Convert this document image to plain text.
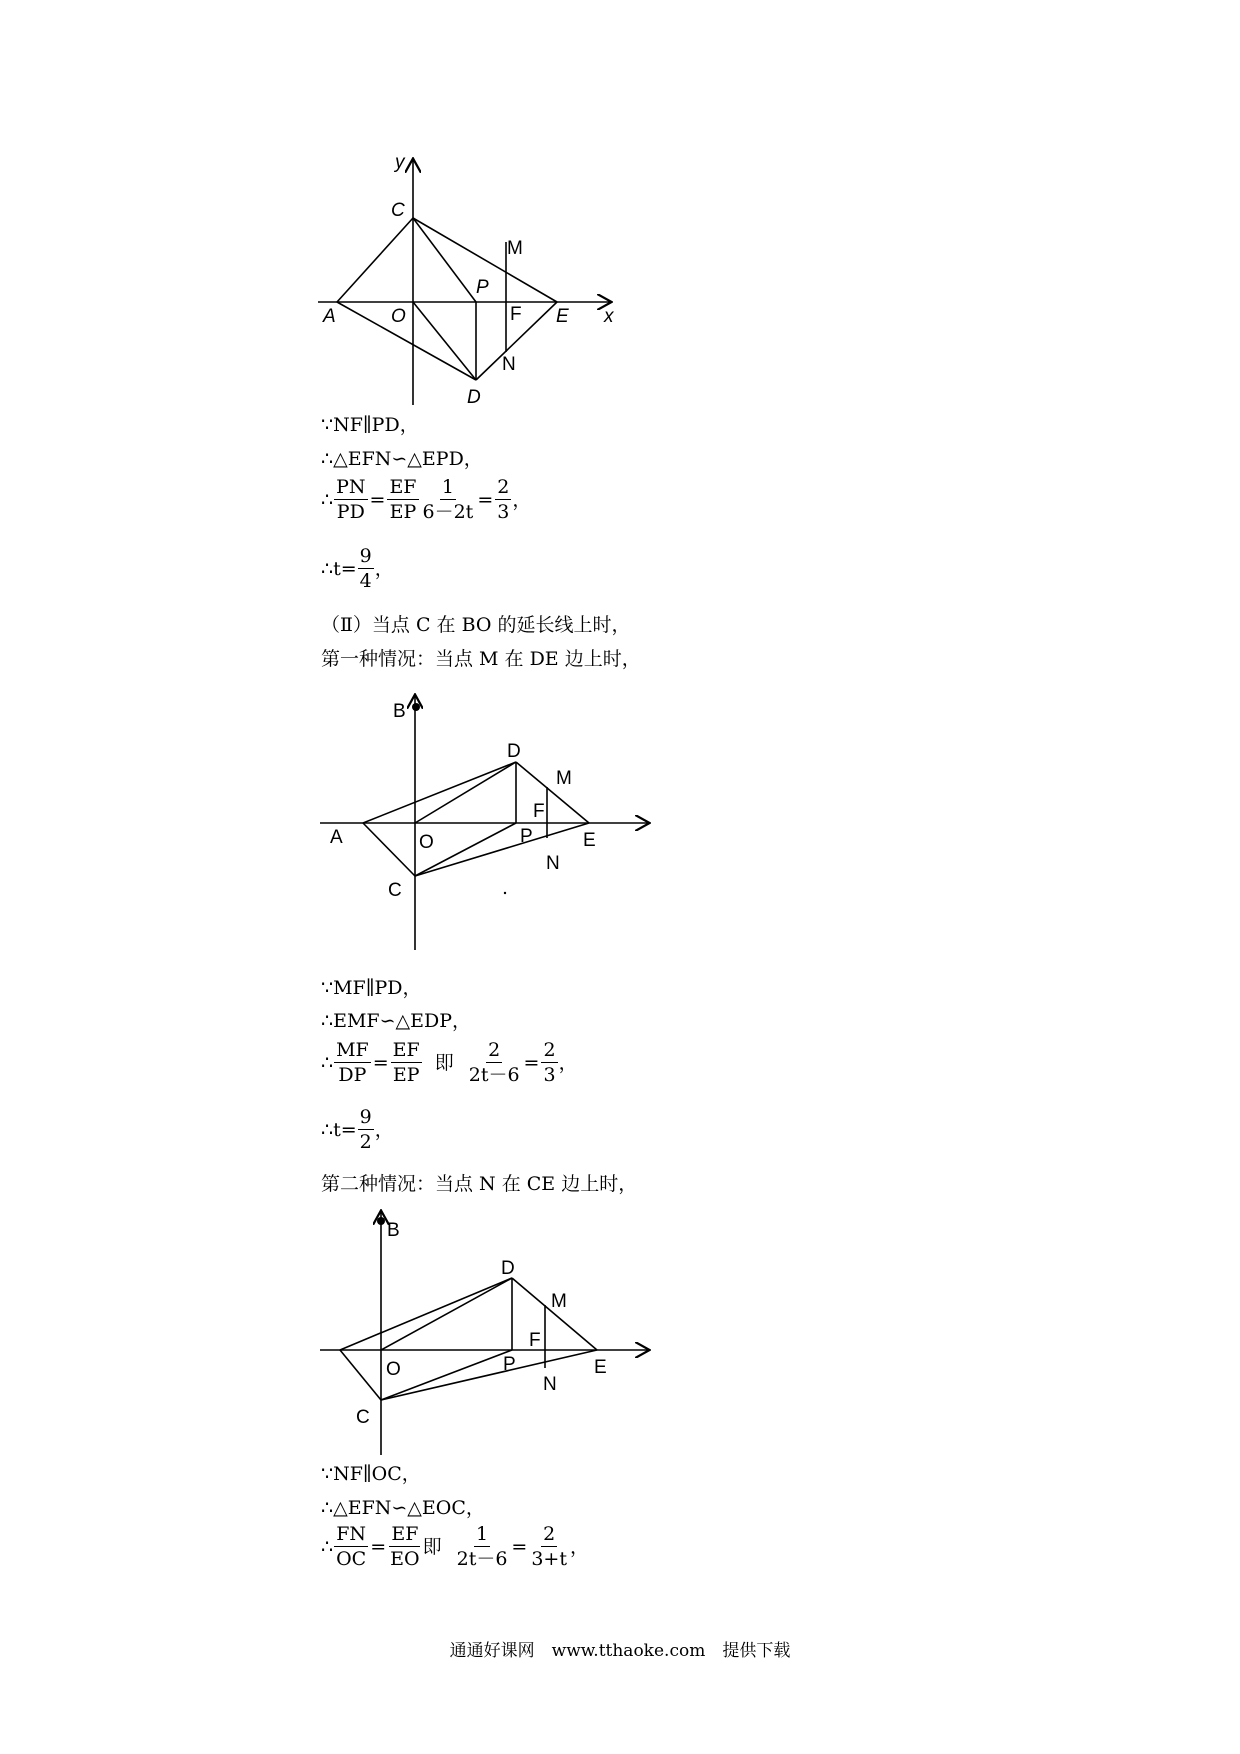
y
C
P
A	O	E x
D
M
F
N
∵NF∥PD，
∴△EFN∽△EPD，
∴ $\frac{PN}{PD} = \frac{EF}{EP} \frac{1}{6-2t} = \frac{2}{3}$ ，
∴t= $\frac{9}{4}$ ，
（Ⅱ）当点 C 在 BO 的延长线上时，
第一种情况：当点 M 在 DE 边上时，
B
D
M
F
A	O	P	E
N
C
∵MF∥PD，
∴EMF∽△EDP，
∴ $\frac{MF}{DP} = \frac{EF}{EP}$ 即 $\frac{2}{2t-6} = \frac{2}{3}$ ，
∴t= $\frac{9}{2}$ ，
第二种情况：当点 N 在 CE 边上时，
B
D
M
F
O	P	E
N
C
∵NF∥OC，
∴△EFN∽△EOC，
∴ $\frac{FN}{OC} = \frac{EF}{EO}$ 即 $\frac{1}{2t-6} = \frac{2}{3+t}$ ，
通通好课网　www.tthaoke.com　提供下载
